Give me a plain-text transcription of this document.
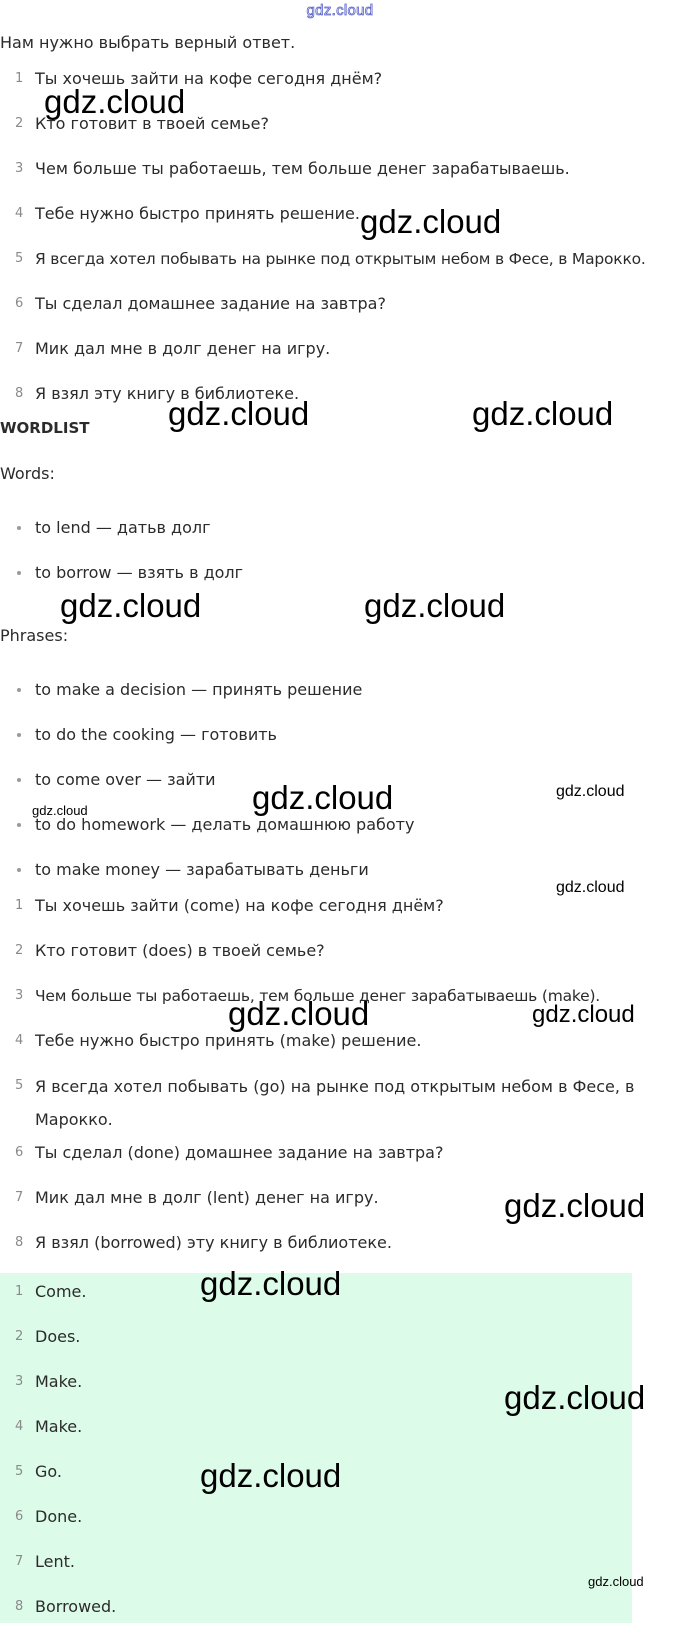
gdz.cloud
Нам нужно выбрать верный ответ.
1 Ты хочешь зайти на кофе сегодня днём?
2 Кто готовит в твоей семье?
3 Чем больше ты работаешь, тем больше денег зарабатываешь.
4 Тебе нужно быстро принять решение.
5 Я всегда хотел побывать на рынке под открытым небом в Фесе, в Марокко.
6 Ты сделал домашнее задание на завтра?
7 Мик дал мне в долг денег на игру.
8 Я взял эту книгу в библиотеке.
WORDLIST
Words:
to lend — датьв долг
to borrow — взять в долг
Phrases:
to make a decision — принять решение
to do the cooking — готовить
to come over — зайти
to do homework — делать домашнюю работу
to make money — зарабатывать деньги
1 Ты хочешь зайти (come) на кофе сегодня днём?
2 Кто готовит (does) в твоей семье?
3 Чем больше ты работаешь, тем больше денег зарабатываешь (make).
4 Тебе нужно быстро принять (make) решение.
5 Я всегда хотел побывать (go) на рынке под открытым небом в Фесе, в Марокко.
6 Ты сделал (done) домашнее задание на завтра?
7 Мик дал мне в долг (lent) денег на игру.
8 Я взял (borrowed) эту книгу в библиотеке.
1 Come.
2 Does.
3 Make.
4 Make.
5 Go.
6 Done.
7 Lent.
8 Borrowed.
gdz.cloud
gdz.cloud
gdz.cloud	gdz.cloud
gdz.cloud	gdz.cloud
gdz.cloud
gdz.cloud
gdz.cloud
gdz.cloud
gdz.cloud	gdz.cloud
gdz.cloud
gdz.cloud
gdz.cloud
gdz.cloud
gdz.cloud
